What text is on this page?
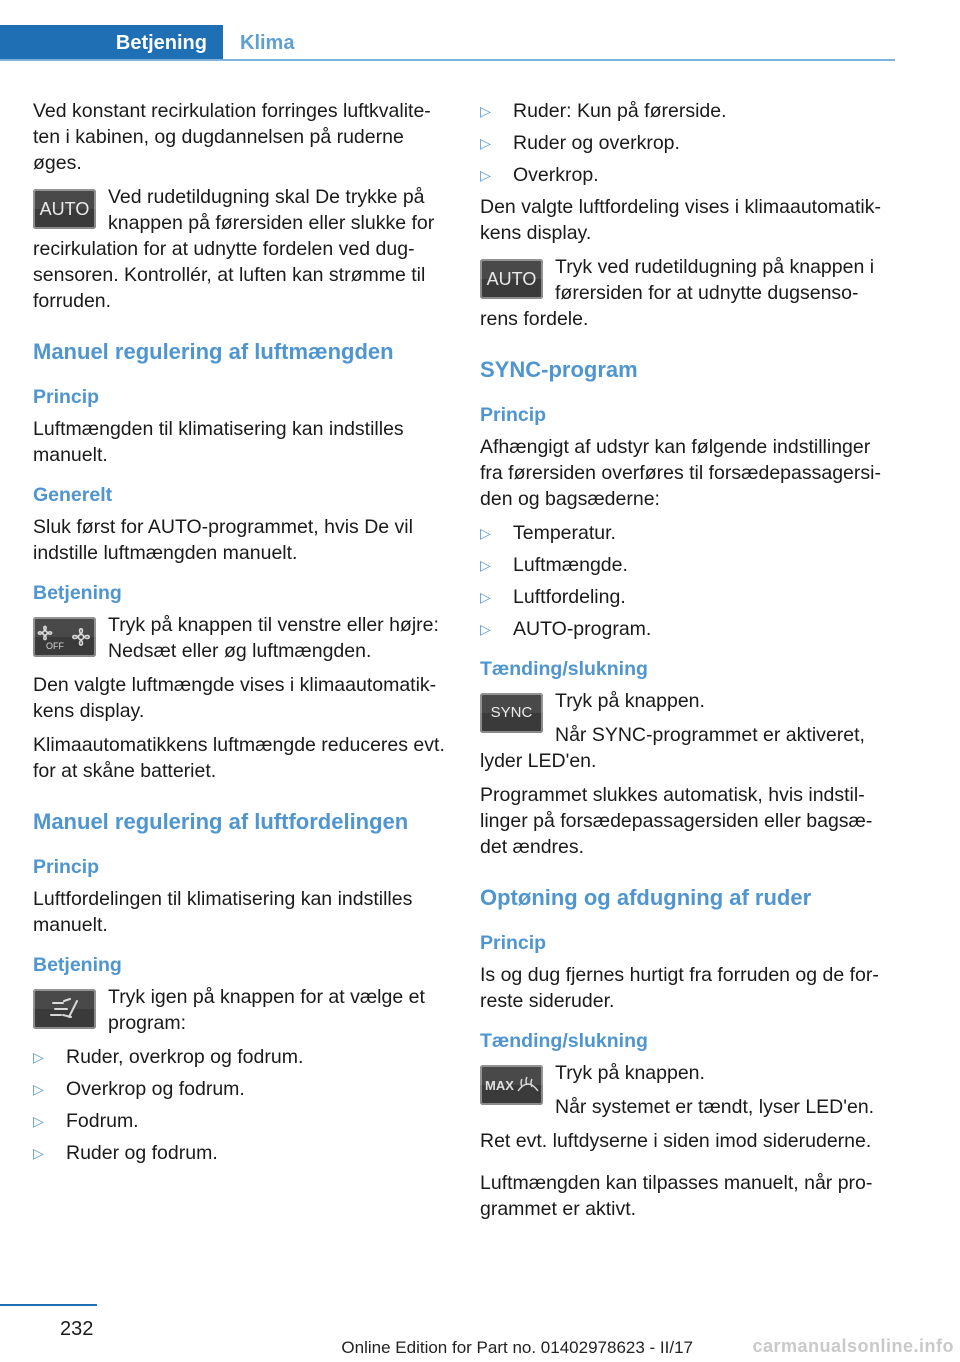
Betjening	Klima

Ved konstant recirkulation forringes luftkvalite-ten i kabinen, og dugdannelsen på ruderne øges.

AUTO
Ved rudetildugning skal De trykke på knappen på førersiden eller slukke for recirkulation for at udnytte fordelen ved dug-sensoren. Kontrollér, at luften kan strømme til forruden.
Manuel regulering af luftmængden
Princip

Luftmængden til klimatisering kan indstilles manuelt.

Generelt

Sluk først for AUTO-programmet, hvis De vil indstille luftmængden manuelt.

Betjening
OFF
Tryk på knappen til venstre eller højre: Nedsæt eller øg luftmængden.

Den valgte luftmængde vises i klimaautomatik-kens display.

Klimaautomatikkens luftmængde reduceres evt. for at skåne batteriet.

Manuel regulering af luftfordelingen
Princip

Luftfordelingen til klimatisering kan indstilles manuelt.

Betjening
Tryk igen på knappen for at vælge et program:
▷ Ruder, overkrop og fodrum.
▷ Overkrop og fodrum.
▷ Fodrum.
▷ Ruder og fodrum.
▷ Ruder: Kun på førerside.
▷ Ruder og overkrop.
▷ Overkrop.

Den valgte luftfordeling vises i klimaautomatik-kens display.

AUTO
Tryk ved rudetildugning på knappen i førersiden for at udnytte dugsenso-rens fordele.
SYNC-program
Princip

Afhængigt af udstyr kan følgende indstillinger fra førersiden overføres til forsædepassagersi-den og bagsæderne:

▷ Temperatur.
▷ Luftmængde.
▷ Luftfordeling.
▷ AUTO-program.
Tænding/slukning
SYNC

Tryk på knappen.

Når SYNC-programmet er aktiveret, lyder LED'en.

Programmet slukkes automatisk, hvis indstil-linger på forsædepassagersiden eller bagsæ-det ændres.

Optøning og afdugning af ruder
Princip

Is og dug fjernes hurtigt fra forruden og de for-reste sideruder.

Tænding/slukning
MAX

Tryk på knappen.

Når systemet er tændt, lyser LED'en.

Ret evt. luftdyserne i siden imod sideruderne.

Luftmængden kan tilpasses manuelt, når pro-grammet er aktivt.

232
Online Edition for Part no. 01402978623 - II/17	carmanualsonline.info
